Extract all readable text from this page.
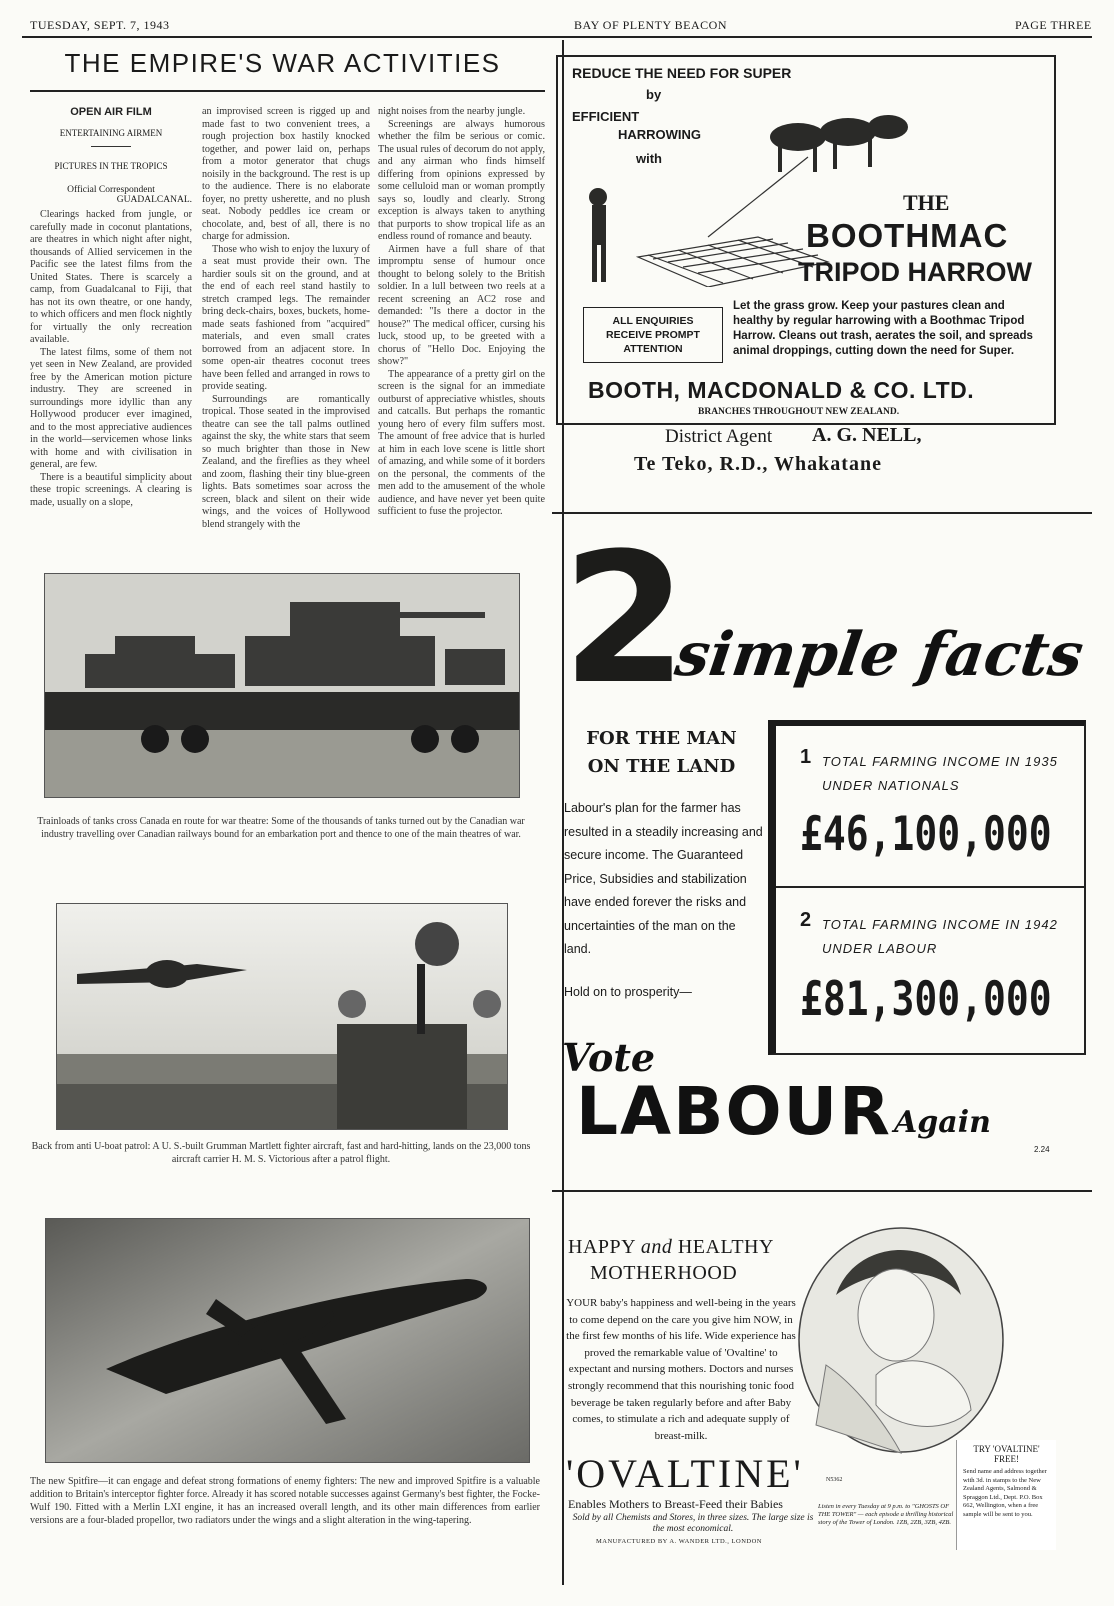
TUESDAY, SEPT. 7, 1943	BAY OF PLENTY BEACON	PAGE THREE
THE EMPIRE'S WAR ACTIVITIES
OPEN AIR FILM
ENTERTAINING AIRMEN
PICTURES IN THE TROPICS
Official Correspondent
GUADALCANAL.

Clearings hacked from jungle, or carefully made in coconut plantations, are theatres in which night after night, thousands of Allied servicemen in the Pacific see the latest films from the United States. There is scarcely a camp, from Guadalcanal to Fiji, that has not its own theatre, or one handy, to which officers and men flock nightly for virtually the only recreation available.

The latest films, some of them not yet seen in New Zealand, are provided free by the American motion picture industry. They are screened in surroundings more idyllic than any Hollywood producer ever imagined, and to the most appreciative audiences in the world—servicemen whose links with home and with civilisation in general, are few.

There is a beautiful simplicity about these tropic screenings. A clearing is made, usually on a slope,

an improvised screen is rigged up and made fast to two convenient trees, a rough projection box hastily knocked together, and power laid on, perhaps from a motor generator that chugs noisily in the background. The rest is up to the audience. There is no elaborate foyer, no pretty usherette, and no plush seat. Nobody peddles ice cream or chocolate, and, best of all, there is no charge for admission.

Those who wish to enjoy the luxury of a seat must provide their own. The hardier souls sit on the ground, and at the end of each reel stand hastily to stretch cramped legs. The remainder bring deck-chairs, boxes, buckets, home-made seats fashioned from "acquired" materials, and even small crates borrowed from an adjacent store. In some open-air theatres coconut trees have been felled and arranged in rows to provide seating.

Surroundings are romantically tropical. Those seated in the improvised theatre can see the tall palms outlined against the sky, the white stars that seem so much brighter than those in New Zealand, and the fireflies as they wheel and zoom, flashing their tiny blue-green lights. Bats sometimes soar across the screen, black and silent on their wide wings, and the voices of Hollywood blend strangely with the

night noises from the nearby jungle.

Screenings are always humorous whether the film be serious or comic. The usual rules of decorum do not apply, and any airman who finds himself differing from opinions expressed by some celluloid man or woman promptly says so, loudly and clearly. Strong exception is always taken to anything that purports to show tropical life as an endless round of romance and beauty.

Airmen have a full share of that impromptu sense of humour once thought to belong solely to the British soldier. In a lull between two reels at a recent screening an AC2 rose and demanded: "Is there a doctor in the house?" The medical officer, cursing his luck, stood up, to be greeted with a chorus of "Hello Doc. Enjoying the show?"

The appearance of a pretty girl on the screen is the signal for an immediate outburst of appreciative whistles, shouts and catcalls. But perhaps the romantic young hero of every film suffers most. The amount of free advice that is hurled at him in each love scene is little short of amazing, and while some of it borders on the personal, the comments of the men add to the amusement of the whole audience, and have never yet been quite sufficient to fuse the projector.

Trainloads of tanks cross Canada en route for war theatre: Some of the thousands of tanks turned out by the Canadian war industry travelling over Canadian railways bound for an embarkation port and thence to one of the main theatres of war.
Back from anti U-boat patrol: A U. S.-built Grumman Martlett fighter aircraft, fast and hard-hitting, lands on the 23,000 tons aircraft carrier H. M. S. Victorious after a patrol flight.
The new Spitfire—it can engage and defeat strong formations of enemy fighters: The new and improved Spitfire is a valuable addition to Britain's interceptor fighter force. Already it has scored notable successes against Germany's best fighter, the Focke-Wulf 190. Fitted with a Merlin LXI engine, it has an increased overall length, and its other main differences from earlier versions are a four-bladed propellor, two radiators under the wings and a slight alteration in the wing-tapering.
REDUCE THE NEED FOR SUPER
by
EFFICIENT
HARROWING
with
THE
BOOTHMAC
TRIPOD HARROW
ALL ENQUIRIES RECEIVE PROMPT ATTENTION
Let the grass grow. Keep your pastures clean and healthy by regular harrowing with a Boothmac Tripod Harrow. Cleans out trash, aerates the soil, and spreads animal droppings, cutting down the need for Super.
BOOTH, MACDONALD & CO. LTD.
BRANCHES THROUGHOUT NEW ZEALAND.
District Agent A. G. NELL,
Te Teko, R.D., Whakatane
2
simple facts
FOR THE MAN ON THE LAND
Labour's plan for the farmer has resulted in a steadily increasing and secure income. The Guaranteed Price, Subsidies and stabilization have ended forever the risks and uncertainties of the man on the land.
Hold on to prosperity—
1 TOTAL FARMING INCOME IN 1935 UNDER NATIONALS
£46,100,000
2 TOTAL FARMING INCOME IN 1942 UNDER LABOUR
£81,300,000
Vote
LABOUR Again
2.24
HAPPY and HEALTHY
MOTHERHOOD
YOUR baby's happiness and well-being in the years to come depend on the care you give him NOW, in the first few months of his life. Wide experience has proved the remarkable value of 'Ovaltine' to expectant and nursing mothers. Doctors and nurses strongly recommend that this nourishing tonic food beverage be taken regularly before and after Baby comes, to stimulate a rich and adequate supply of breast-milk.
'OVALTINE'
Enables Mothers to Breast-Feed their Babies
Sold by all Chemists and Stores, in three sizes. The large size is the most economical.
MANUFACTURED BY A. WANDER LTD., LONDON
N5362
Listen in every Tuesday at 9 p.m. to "GHOSTS OF THE TOWER" — each episode a thrilling historical story of the Tower of London. 1ZB, 2ZB, 3ZB, 4ZB.
TRY 'OVALTINE' FREE!
Send name and address together with 3d. in stamps to the New Zealand Agents, Salmond & Spraggon Ltd., Dept. P.O. Box 662, Wellington, when a free sample will be sent to you.
